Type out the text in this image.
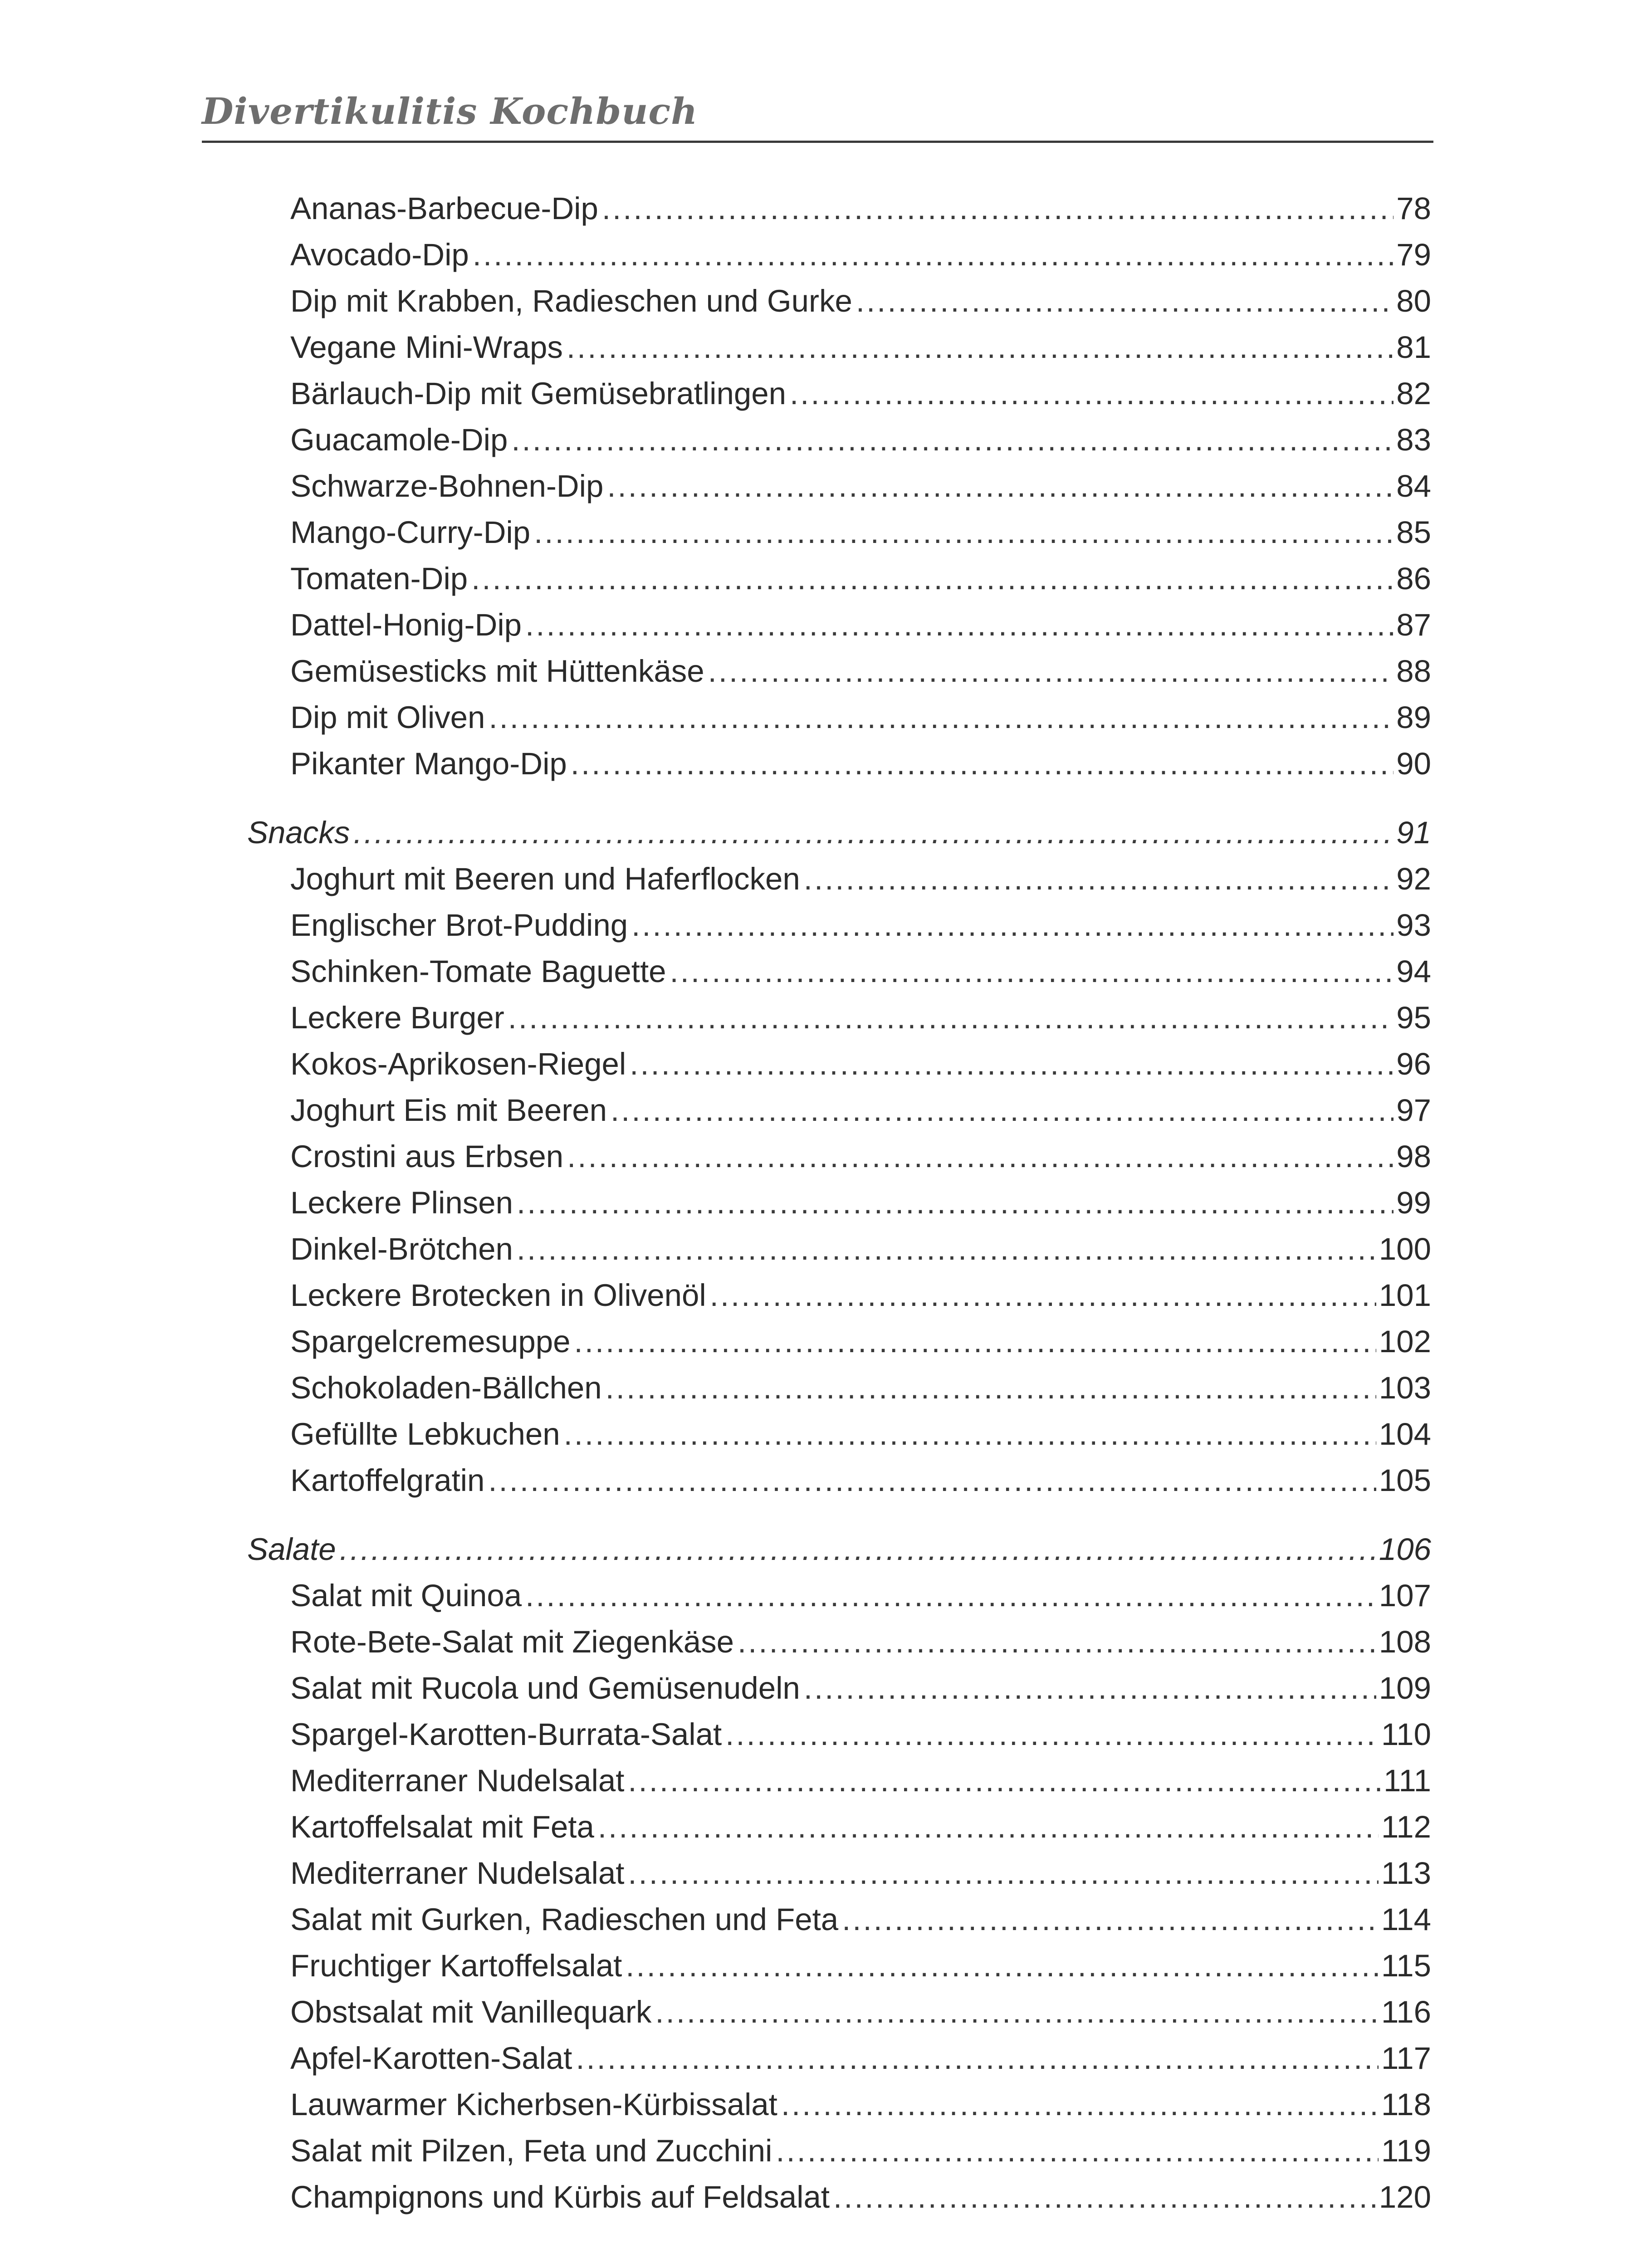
Divertikulitis Kochbuch
Ananas-Barbecue-Dip .....	78
Avocado-Dip .....	79
Dip mit Krabben, Radieschen und Gurke .....	80
Vegane Mini-Wraps .....	81
Bärlauch-Dip mit Gemüsebratlingen .....	82
Guacamole-Dip .....	83
Schwarze-Bohnen-Dip .....	84
Mango-Curry-Dip .....	85
Tomaten-Dip .....	86
Dattel-Honig-Dip .....	87
Gemüsesticks mit Hüttenkäse .....	88
Dip mit Oliven .....	89
Pikanter Mango-Dip .....	90
Snacks .....	91
Joghurt mit Beeren und Haferflocken .....	92
Englischer Brot-Pudding .....	93
Schinken-Tomate Baguette .....	94
Leckere Burger .....	95
Kokos-Aprikosen-Riegel .....	96
Joghurt Eis mit Beeren .....	97
Crostini aus Erbsen .....	98
Leckere Plinsen .....	99
Dinkel-Brötchen .....	100
Leckere Brotecken in Olivenöl .....	101
Spargelcremesuppe .....	102
Schokoladen-Bällchen .....	103
Gefüllte Lebkuchen .....	104
Kartoffelgratin .....	105
Salate .....	106
Salat mit Quinoa .....	107
Rote-Bete-Salat mit Ziegenkäse .....	108
Salat mit Rucola und Gemüsenudeln .....	109
Spargel-Karotten-Burrata-Salat .....	110
Mediterraner Nudelsalat .....	111
Kartoffelsalat mit Feta .....	112
Mediterraner Nudelsalat .....	113
Salat mit Gurken, Radieschen und Feta .....	114
Fruchtiger Kartoffelsalat .....	115
Obstsalat mit Vanillequark .....	116
Apfel-Karotten-Salat .....	117
Lauwarmer Kicherbsen-Kürbissalat .....	118
Salat mit Pilzen, Feta und Zucchini .....	119
Champignons und Kürbis auf Feldsalat .....	120
